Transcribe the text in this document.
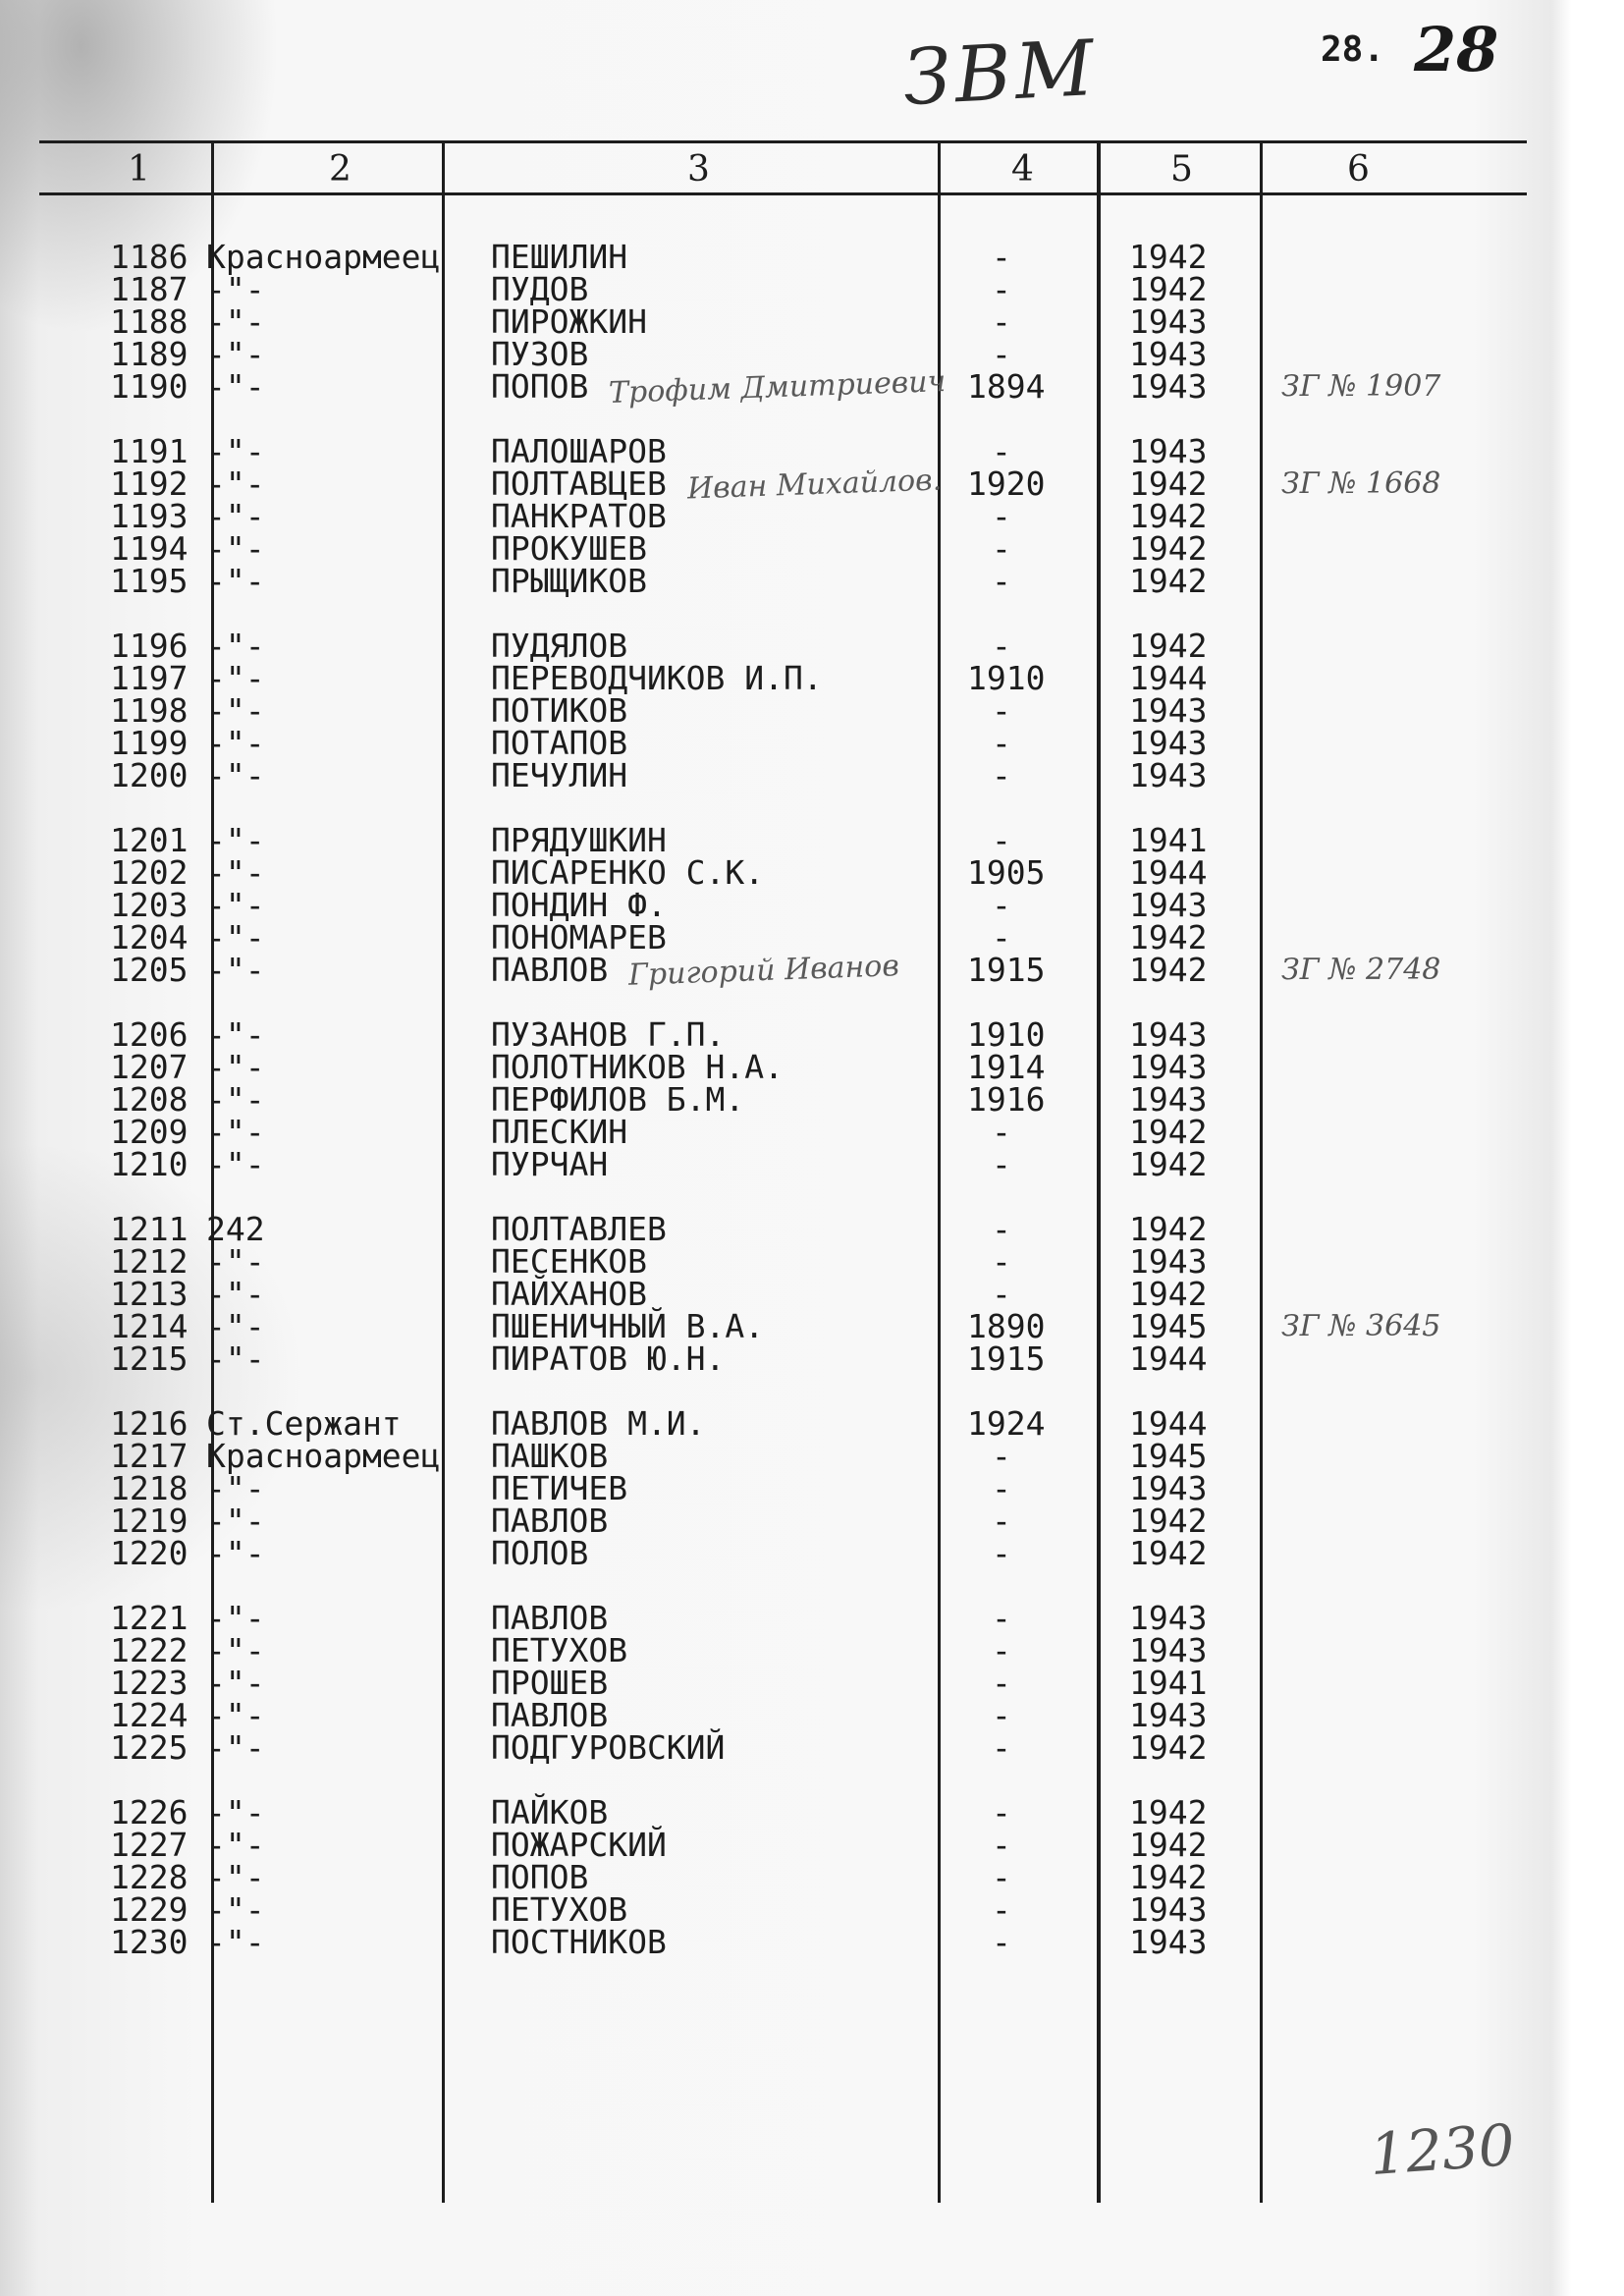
ЗВМ	28. 28
1	2	3	4	5	6
1186 Красноармеец ПЕШИЛИН	-	1942
1187 -"-	ПУДОВ	-	1942
1188 -"-	ПИРОЖКИН	-	1943
1189 -"-	ПУЗОВ	-	1943
1190 -"-	ПОПОВ	1894	1943	ЗГ № 1907
Трофим Дмитриевич
1191 -"-	ПАЛОШАРОВ	-	1943
1192 -"-	ПОЛТАВЦЕВ	1920	1942	ЗГ № 1668
Иван Михайлов.
1193 -"-	ПАНКРАТОВ	-	1942
1194 -"-	ПРОКУШЕВ	-	1942
1195 -"-	ПРЫЩИКОВ	-	1942
1196 -"-	ПУДЯЛОВ	-	1942
1197 -"-	ПЕРЕВОДЧИКОВ И.П.	1910	1944
1198 -"-	ПОТИКОВ	-	1943
1199 -"-	ПОТАПОВ	-	1943
1200 -"-	ПЕЧУЛИН	-	1943
1201 -"-	ПРЯДУШКИН	-	1941
1202 -"-	ПИСАРЕНКО С.К.	1905	1944
1203 -"-	ПОНДИН Ф.	-	1943
1204 -"-	ПОНОМАРЕВ	-	1942
1205 -"-	ПАВЛОВ	1915	1942	ЗГ № 2748
Григорий Иванов
1206 -"-	ПУЗАНОВ Г.П.	1910	1943
1207 -"-	ПОЛОТНИКОВ Н.А.	1914	1943
1208 -"-	ПЕРФИЛОВ Б.М.	1916	1943
1209 -"-	ПЛЕСКИН	-	1942
1210 -"-	ПУРЧАН	-	1942
1211 242	ПОЛТАВЛЕВ	-	1942
1212 -"-	ПЕСЕНКОВ	-	1943
1213 -"-	ПАЙХАНОВ	-	1942
1214 -"-	ПШЕНИЧНЫЙ В.А.	1890	1945	ЗГ № 3645
1215 -"-	ПИРАТОВ Ю.Н.	1915	1944
1216 Ст.Сержант	ПАВЛОВ М.И.	1924	1944
1217 Красноармеец ПАШКОВ	-	1945
1218 -"-	ПЕТИЧЕВ	-	1943
1219 -"-	ПАВЛОВ	-	1942
1220 -"-	ПОЛОВ	-	1942
1221 -"-	ПАВЛОВ	-	1943
1222 -"-	ПЕТУХОВ	-	1943
1223 -"-	ПРОШЕВ	-	1941
1224 -"-	ПАВЛОВ	-	1943
1225 -"-	ПОДГУРОВСКИЙ	-	1942
1226 -"-	ПАЙКОВ	-	1942
1227 -"-	ПОЖАРСКИЙ	-	1942
1228 -"-	ПОПОВ	-	1942
1229 -"-	ПЕТУХОВ	-	1943
1230 -"-	ПОСТНИКОВ	-	1943
1230
